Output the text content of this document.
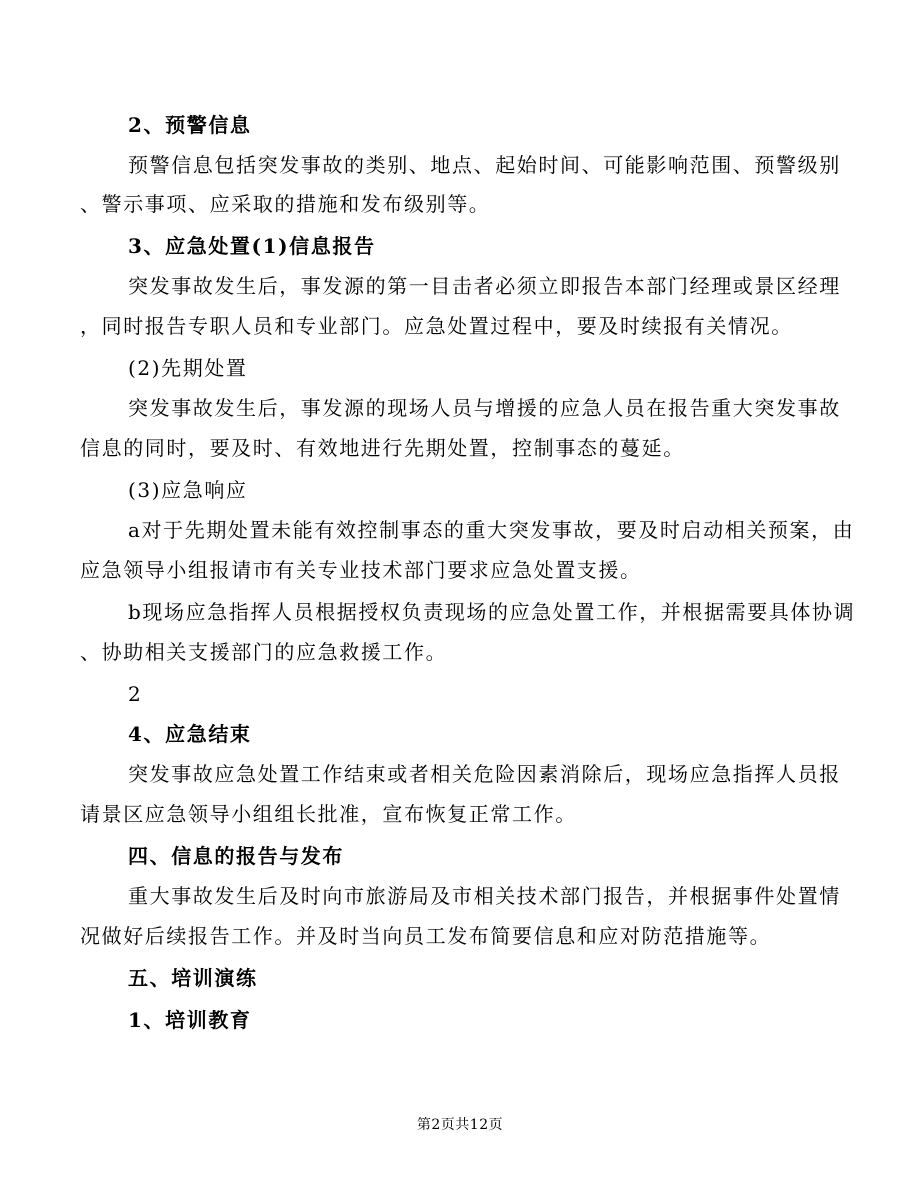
2、预警信息
预警信息包括突发事故的类别、地点、起始时间、可能影响范围、预警级别
、警示事项、应采取的措施和发布级别等。
3、应急处置(1)信息报告
突发事故发生后，事发源的第一目击者必须立即报告本部门经理或景区经理
，同时报告专职人员和专业部门。应急处置过程中，要及时续报有关情况。
(2)先期处置
突发事故发生后，事发源的现场人员与增援的应急人员在报告重大突发事故
信息的同时，要及时、有效地进行先期处置，控制事态的蔓延。
(3)应急响应
a对于先期处置未能有效控制事态的重大突发事故，要及时启动相关预案，由
应急领导小组报请市有关专业技术部门要求应急处置支援。
b现场应急指挥人员根据授权负责现场的应急处置工作，并根据需要具体协调
、协助相关支援部门的应急救援工作。
2
4、应急结束
突发事故应急处置工作结束或者相关危险因素消除后，现场应急指挥人员报
请景区应急领导小组组长批准，宣布恢复正常工作。
四、信息的报告与发布
重大事故发生后及时向市旅游局及市相关技术部门报告，并根据事件处置情
况做好后续报告工作。并及时当向员工发布简要信息和应对防范措施等。
五、培训演练
1、培训教育
第2页共12页
